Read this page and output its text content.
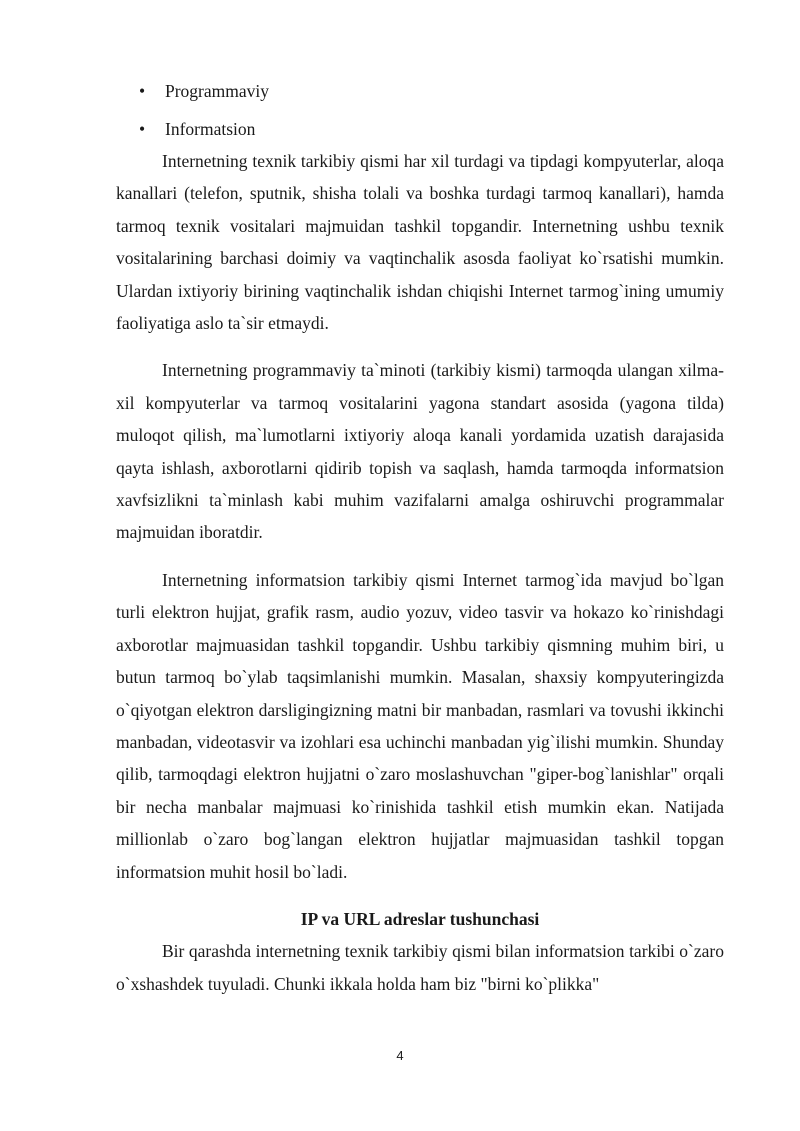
• Programmaviy
• Informatsion

Internetning texnik tarkibiy qismi har xil turdagi va tipdagi kompyuterlar, aloqa kanallari (telefon, sputnik, shisha tolali va boshka turdagi tarmoq kanallari), hamda tarmoq texnik vositalari majmuidan tashkil topgandir. Internetning ushbu texnik vositalarining barchasi doimiy va vaqtinchalik asosda faoliyat ko`rsatishi mumkin. Ulardan ixtiyoriy birining vaqtinchalik ishdan chiqishi Internet tarmog`ining umumiy faoliyatiga aslo ta`sir etmaydi.

Internetning programmaviy ta`minoti (tarkibiy kismi) tarmoqda ulangan xilma-xil kompyuterlar va tarmoq vositalarini yagona standart asosida (yagona tilda) muloqot qilish, ma`lumotlarni ixtiyoriy aloqa kanali yordamida uzatish darajasida qayta ishlash, axborotlarni qidirib topish va saqlash, hamda tarmoqda informatsion xavfsizlikni ta`minlash kabi muhim vazifalarni amalga oshiruvchi programmalar majmuidan iboratdir.

Internetning informatsion tarkibiy qismi Internet tarmog`ida mavjud bo`lgan turli elektron hujjat, grafik rasm, audio yozuv, video tasvir va hokazo ko`rinishdagi axborotlar majmuasidan tashkil topgandir. Ushbu tarkibiy qismning muhim biri, u butun tarmoq bo`ylab taqsimlanishi mumkin. Masalan, shaxsiy kompyuteringizda o`qiyotgan elektron darsligingizning matni bir manbadan, rasmlari va tovushi ikkinchi manbadan, videotasvir va izohlari esa uchinchi manbadan yig`ilishi mumkin. Shunday qilib, tarmoqdagi elektron hujjatni o`zaro moslashuvchan "giper-bog`lanishlar" orqali bir necha manbalar majmuasi ko`rinishida tashkil etish mumkin ekan. Natijada millionlab o`zaro bog`langan elektron hujjatlar majmuasidan tashkil topgan informatsion muhit hosil bo`ladi.

IP va URL adreslar tushunchasi

Bir qarashda internetning texnik tarkibiy qismi bilan informatsion tarkibi o`zaro o`xshashdek tuyuladi. Chunki ikkala holda ham biz "birni ko`plikka"

4
